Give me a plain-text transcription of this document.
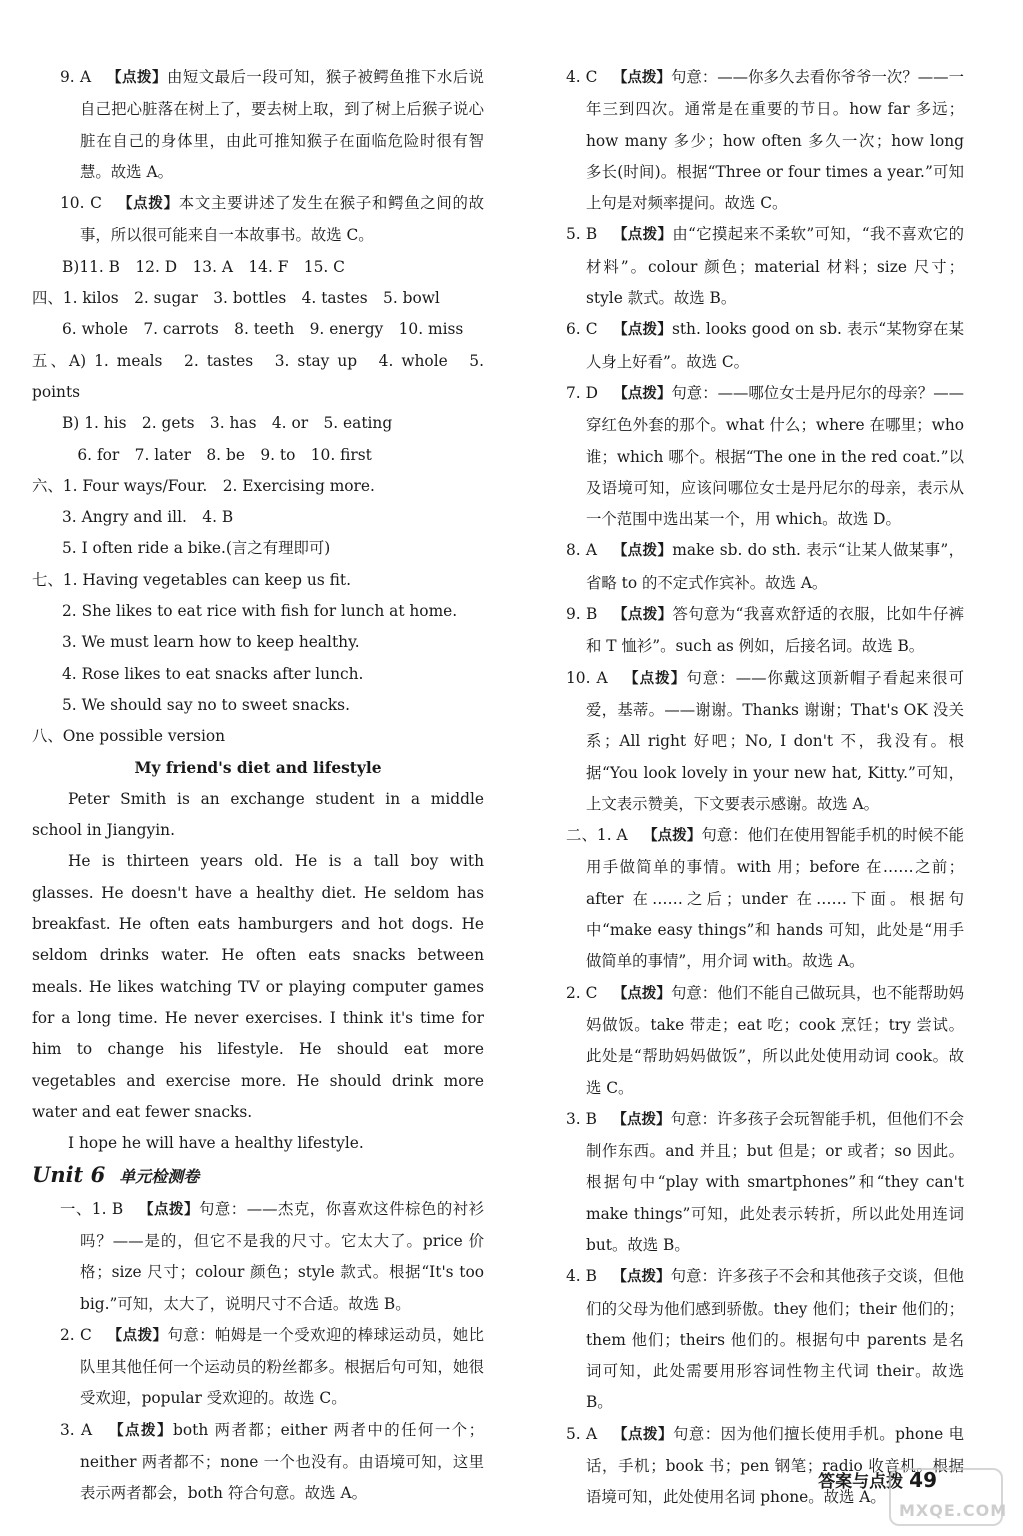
9. A  【点拨】由短文最后一段可知，猴子被鳄鱼推下水后说自己把心脏落在树上了，要去树上取，到了树上后猴子说心脏在自己的身体里，由此可推知猴子在面临危险时很有智慧。故选 A。

10. C  【点拨】本文主要讲述了发生在猴子和鳄鱼之间的故事，所以很可能来自一本故事书。故选 C。

B)11. B　12. D　13. A　14. F　15. C

四、1. kilos　2. sugar　3. bottles　4. tastes　5. bowl

6. whole　7. carrots　8. teeth　9. energy　10. miss

五、A) 1. meals　2. tastes　3. stay up　4. whole　5. points

B) 1. his　2. gets　3. has　4. or　5. eating

　6. for　7. later　8. be　9. to　10. first

六、1. Four ways/Four.　2. Exercising more.

3. Angry and ill.　4. B

5. I often ride a bike.(言之有理即可)

七、1. Having vegetables can keep us fit.

2. She likes to eat rice with fish for lunch at home.

3. We must learn how to keep healthy.

4. Rose likes to eat snacks after lunch.

5. We should say no to sweet snacks.

八、One possible version

My friend's diet and lifestyle

Peter Smith is an exchange student in a middle school in Jiangyin.

He is thirteen years old. He is a tall boy with glasses. He doesn't have a healthy diet. He seldom has breakfast. He often eats hamburgers and hot dogs. He seldom drinks water. He often eats snacks between meals. He likes watching TV or playing computer games for a long time. He never exercises. I think it's time for him to change his lifestyle. He should eat more vegetables and exercise more. He should drink more water and eat fewer snacks.

I hope he will have a healthy lifestyle.

Unit 6 单元检测卷

一、1. B  【点拨】句意：——杰克，你喜欢这件棕色的衬衫吗？——是的，但它不是我的尺寸。它太大了。price 价格；size 尺寸；colour 颜色；style 款式。根据“It's too big.”可知，太大了，说明尺寸不合适。故选 B。

2. C  【点拨】句意：帕姆是一个受欢迎的棒球运动员，她比队里其他任何一个运动员的粉丝都多。根据后句可知，她很受欢迎，popular 受欢迎的。故选 C。

3. A  【点拨】both 两者都；either 两者中的任何一个；neither 两者都不；none 一个也没有。由语境可知，这里表示两者都会，both 符合句意。故选 A。

4. C  【点拨】句意：——你多久去看你爷爷一次？——一年三到四次。通常是在重要的节日。how far 多远；how many 多少；how often 多久一次；how long 多长(时间)。根据“Three or four times a year.”可知上句是对频率提问。故选 C。

5. B  【点拨】由“它摸起来不柔软”可知，“我不喜欢它的材料”。colour 颜色；material 材料；size 尺寸；style 款式。故选 B。

6. C  【点拨】sth. looks good on sb. 表示“某物穿在某人身上好看”。故选 C。

7. D  【点拨】句意：——哪位女士是丹尼尔的母亲？——穿红色外套的那个。what 什么；where 在哪里；who 谁；which 哪个。根据“The one in the red coat.”以及语境可知，应该问哪位女士是丹尼尔的母亲，表示从一个范围中选出某一个，用 which。故选 D。

8. A  【点拨】make sb. do sth. 表示“让某人做某事”，省略 to 的不定式作宾补。故选 A。

9. B  【点拨】答句意为“我喜欢舒适的衣服，比如牛仔裤和 T 恤衫”。such as 例如，后接名词。故选 B。

10. A  【点拨】句意：——你戴这顶新帽子看起来很可爱，基蒂。——谢谢。Thanks 谢谢；That's OK 没关系；All right 好吧；No, I don't 不，我没有。根据“You look lovely in your new hat, Kitty.”可知，上文表示赞美，下文要表示感谢。故选 A。

二、1. A  【点拨】句意：他们在使用智能手机的时候不能用手做简单的事情。with 用；before 在……之前；after 在……之后；under 在……下面。根据句中“make easy things”和 hands 可知，此处是“用手做简单的事情”，用介词 with。故选 A。

2. C  【点拨】句意：他们不能自己做玩具，也不能帮助妈妈做饭。take 带走；eat 吃；cook 烹饪；try 尝试。此处是“帮助妈妈做饭”，所以此处使用动词 cook。故选 C。

3. B  【点拨】句意：许多孩子会玩智能手机，但他们不会制作东西。and 并且；but 但是；or 或者；so 因此。根据句中“play with smartphones”和“they can't make things”可知，此处表示转折，所以此处用连词 but。故选 B。

4. B  【点拨】句意：许多孩子不会和其他孩子交谈，但他们的父母为他们感到骄傲。they 他们；their 他们的；them 他们；theirs 他们的。根据句中 parents 是名词可知，此处需要用形容词性物主代词 their。故选 B。

5. A  【点拨】句意：因为他们擅长使用手机。phone 电话，手机；book 书；pen 钢笔；radio 收音机。根据语境可知，此处使用名词 phone。故选 A。

答案与点拨 49
MXQE.COM
